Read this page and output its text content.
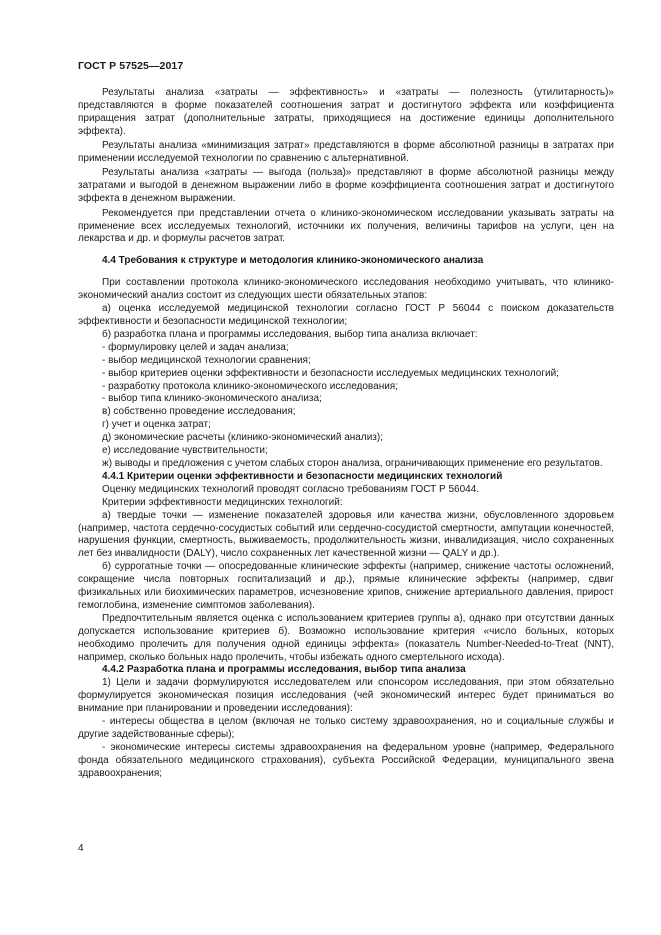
ГОСТ Р 57525—2017

Результаты анализа «затраты — эффективность» и «затраты — полезность (утилитарность)» представляются в форме показателей соотношения затрат и достигнутого эффекта или коэффициента приращения затрат (дополнительные затраты, приходящиеся на достижение единицы дополнительного эффекта).

Результаты анализа «минимизация затрат» представляются в форме абсолютной разницы в затратах при применении исследуемой технологии по сравнению с альтернативной.

Результаты анализа «затраты — выгода (польза)» представляют в форме абсолютной разницы между затратами и выгодой в денежном выражении либо в форме коэффициента соотношения затрат и достигнутого эффекта в денежном выражении.

Рекомендуется при представлении отчета о клинико-экономическом исследовании указывать затраты на применение всех исследуемых технологий, источники их получения, величины тарифов на услуги, цен на лекарства и др. и формулы расчетов затрат.

4.4 Требования к структуре и методология клинико-экономического анализа

При составлении протокола клинико-экономического исследования необходимо учитывать, что клинико-экономический анализ состоит из следующих шести обязательных этапов:

а) оценка исследуемой медицинской технологии согласно ГОСТ Р 56044 с поиском доказательств эффективности и безопасности медицинской технологии;

б) разработка плана и программы исследования, выбор типа анализа включает:

- формулировку целей и задач анализа;

- выбор медицинской технологии сравнения;

- выбор критериев оценки эффективности и безопасности исследуемых медицинских технологий;

- разработку протокола клинико-экономического исследования;

- выбор типа клинико-экономического анализа;

в) собственно проведение исследования;

г) учет и оценка затрат;

д) экономические расчеты (клинико-экономический анализ);

е) исследование чувствительности;

ж) выводы и предложения с учетом слабых сторон анализа, ограничивающих применение его результатов.

4.4.1 Критерии оценки эффективности и безопасности медицинских технологий

Оценку медицинских технологий проводят согласно требованиям ГОСТ Р 56044.

Критерии эффективности медицинских технологий:

а) твердые точки — изменение показателей здоровья или качества жизни, обусловленного здоровьем (например, частота сердечно-сосудистых событий или сердечно-сосудистой смертности, ампутации конечностей, нарушения функции, смертность, выживаемость, продолжительность жизни, инвалидизация, число сохраненных лет без инвалидности (DALY), число сохраненных лет качественной жизни — QALY и др.).

б) суррогатные точки — опосредованные клинические эффекты (например, снижение частоты осложнений, сокращение числа повторных госпитализаций и др.), прямые клинические эффекты (например, сдвиг физикальных или биохимических параметров, исчезновение хрипов, снижение артериального давления, прирост гемоглобина, изменение симптомов заболевания).

Предпочтительным является оценка с использованием критериев группы а), однако при отсутствии данных допускается использование критериев б). Возможно использование критерия «число больных, которых необходимо пролечить для получения одной единицы эффекта» (показатель Number-Needed-to-Treat (NNT), например, сколько больных надо пролечить, чтобы избежать одного смертельного исхода).

4.4.2 Разработка плана и программы исследования, выбор типа анализа

1) Цели и задачи формулируются исследователем или спонсором исследования, при этом обязательно формулируется экономическая позиция исследования (чей экономический интерес будет приниматься во внимание при планировании и проведении исследования):

- интересы общества в целом (включая не только систему здравоохранения, но и социальные службы и другие задействованные сферы);

- экономические интересы системы здравоохранения на федеральном уровне (например, Федерального фонда обязательного медицинского страхования), субъекта Российской Федерации, муниципального звена здравоохранения;

4
